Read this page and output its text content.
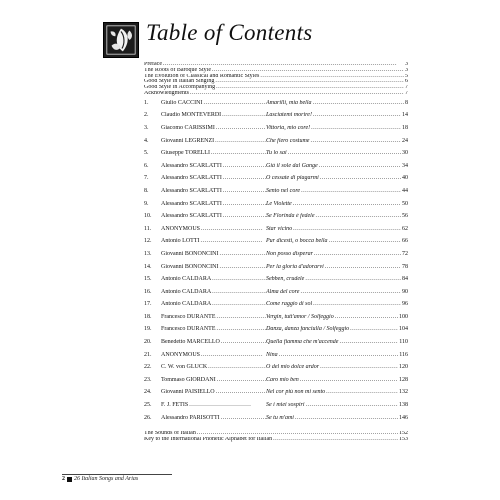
Table of Contents
Preface . . .	3
The Roots of Baroque Style . . .	3
The Evolution of Classical and Romantic Styles . . .	5
Good Style in Italian Singing . . .	6
Good Style in Accompanying . . .	7
Acknowledgments . . .	7
1.	Giulio CACCINI . . .	Amarilli, mia bella . . .	8
2.	Claudio MONTEVERDI . . .	Lasciatemi morire! . . .	14
3.	Giacomo CARISSIMI . . .	Vittoria, mio core! . . .	18
4.	Giovanni LEGRENZI . . .	Che fiero costume . . .	24
5.	Giuseppe TORELLI . . .	Tu lo sai . . .	30
6.	Alessandro SCARLATTI . . .	Già il sole dal Gange . . .	34
7.	Alessandro SCARLATTI . . .	O cessate di piagarmi . . .	40
8.	Alessandro SCARLATTI . . .	Sento nel core . . .	44
9.	Alessandro SCARLATTI . . .	Le Violette . . .	50
10.	Alessandro SCARLATTI . . .	Se Florinda è fedele . . .	56
11.	ANONYMOUS . . .	Star vicino . . .	62
12.	Antonio LOTTI . . .	Pur dicesti, o bocca bella . . .	66
13.	Giovanni BONONCINI . . .	Non posso disperar . . .	72
14.	Giovanni BONONCINI . . .	Per la gloria d'adorarvi . . .	78
15.	Antonio CALDARA . . .	Sebben, crudele . . .	84
16.	Antonio CALDARA . . .	Alma del core . . .	90
17.	Antonio CALDARA . . .	Come raggio di sol . . .	96
18.	Francesco DURANTE . . .	Vergin, tutt'amor / Solfeggio . . .	100
19.	Francesco DURANTE . . .	Danza, danza fanciulla / Solfeggio . . .	104
20.	Benedetto MARCELLO . . .	Quella fiamma che m'accende . . .	110
21.	ANONYMOUS . . .	Nina . . .	116
22.	C. W. von GLUCK . . .	O del mio dolce ardor . . .	120
23.	Tommaso GIORDANI . . .	Caro mio ben . . .	128
24.	Giovanni PAISIELLO . . .	Nel cor più non mi sento . . .	132
25.	F. J. FÉTIS . . .	Se i miei sospiri . . .	138
26.	Alessandro PARISOTTI . . .	Se tu m'ami . . .	146
The Sounds of Italian . . .	152
Key to the International Phonetic Alphabet for Italian . . .	153
2 26 Italian Songs and Arias
